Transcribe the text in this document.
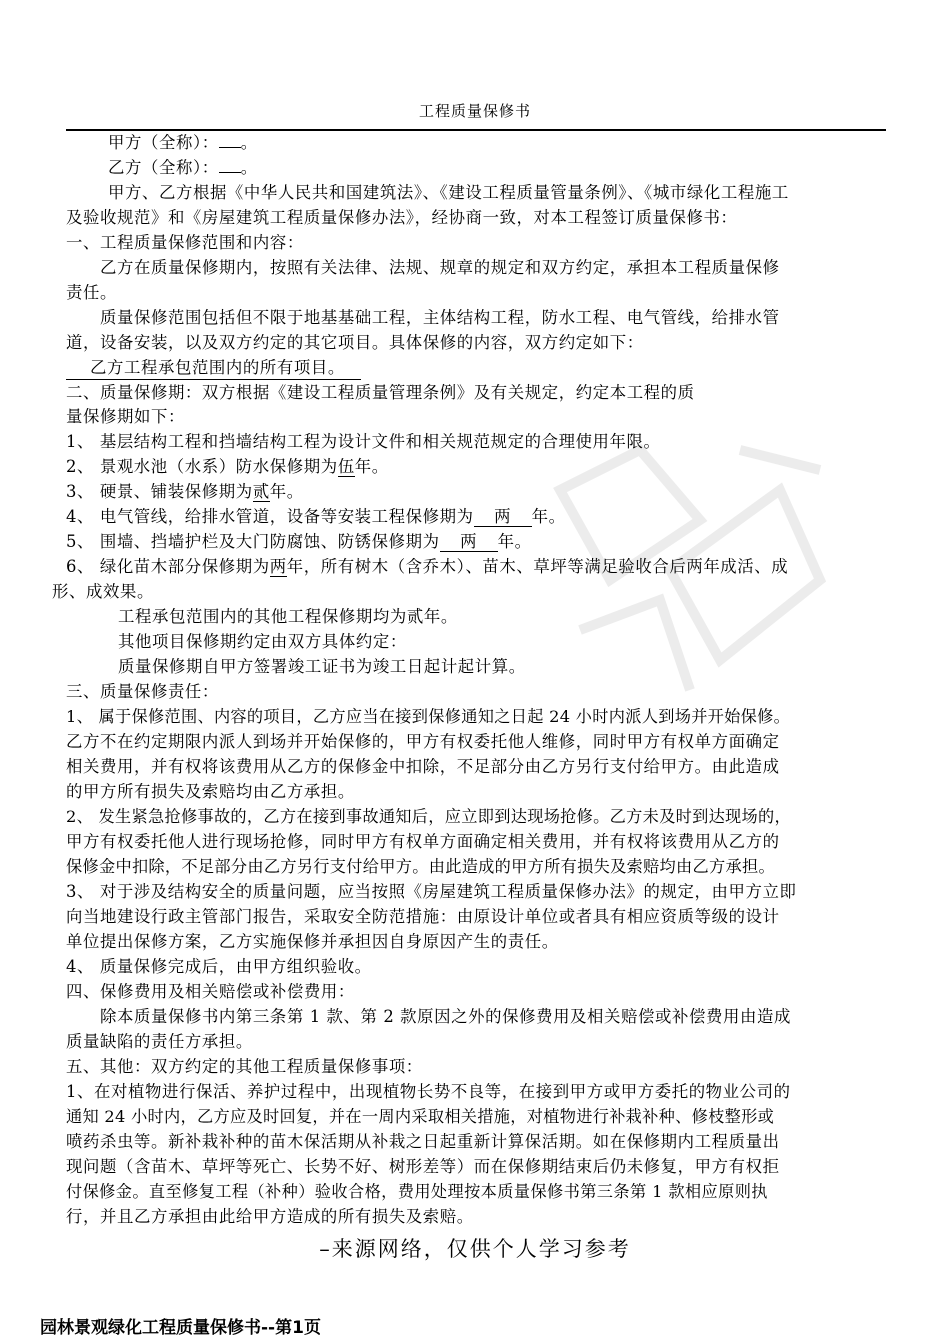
工程质量保修书
甲方（全称）： 。
乙方（全称）： 。
甲方、乙方根据《中华人民共和国建筑法》、《建设工程质量管量条例》、《城市绿化工程施工
及验收规范》和《房屋建筑工程质量保修办法》，经协商一致，对本工程签订质量保修书：
一、工程质量保修范围和内容：
乙方在质量保修期内，按照有关法律、法规、规章的规定和双方约定，承担本工程质量保修
责任。
质量保修范围包括但不限于地基基础工程，主体结构工程，防水工程、电气管线，给排水管
道，设备安装，以及双方约定的其它项目。具体保修的内容，双方约定如下：
乙方工程承包范围内的所有项目。
二、质量保修期：双方根据《建设工程质量管理条例》及有关规定，约定本工程的质
量保修期如下：
1、 基层结构工程和挡墙结构工程为设计文件和相关规范规定的合理使用年限。
2、 景观水池（水系）防水保修期为伍年。
3、 硬景、铺装保修期为贰年。
4、 电气管线，给排水管道，设备等安装工程保修期为 两 年。
5、 围墙、挡墙护栏及大门防腐蚀、防锈保修期为 两 年。
6、 绿化苗木部分保修期为两年，所有树木（含乔木）、苗木、草坪等满足验收合后两年成活、成
形、成效果。
工程承包范围内的其他工程保修期均为贰年。
其他项目保修期约定由双方具体约定：
质量保修期自甲方签署竣工证书为竣工日起计起计算。
三、质量保修责任：
1、 属于保修范围、内容的项目，乙方应当在接到保修通知之日起 24 小时内派人到场并开始保修。
乙方不在约定期限内派人到场并开始保修的，甲方有权委托他人维修，同时甲方有权单方面确定
相关费用，并有权将该费用从乙方的保修金中扣除，不足部分由乙方另行支付给甲方。由此造成
的甲方所有损失及索赔均由乙方承担。
2、 发生紧急抢修事故的，乙方在接到事故通知后，应立即到达现场抢修。乙方未及时到达现场的，
甲方有权委托他人进行现场抢修，同时甲方有权单方面确定相关费用，并有权将该费用从乙方的
保修金中扣除，不足部分由乙方另行支付给甲方。由此造成的甲方所有损失及索赔均由乙方承担。
3、 对于涉及结构安全的质量问题，应当按照《房屋建筑工程质量保修办法》的规定，由甲方立即
向当地建设行政主管部门报告，采取安全防范措施：由原设计单位或者具有相应资质等级的设计
单位提出保修方案，乙方实施保修并承担因自身原因产生的责任。
4、 质量保修完成后，由甲方组织验收。
四、保修费用及相关赔偿或补偿费用：
除本质量保修书内第三条第 1 款、第 2 款原因之外的保修费用及相关赔偿或补偿费用由造成
质量缺陷的责任方承担。
五、其他：双方约定的其他工程质量保修事项：
1、在对植物进行保活、养护过程中，出现植物长势不良等，在接到甲方或甲方委托的物业公司的
通知 24 小时内，乙方应及时回复，并在一周内采取相关措施，对植物进行补栽补种、修枝整形或
喷药杀虫等。新补栽补种的苗木保活期从补栽之日起重新计算保活期。如在保修期内工程质量出
现问题（含苗木、草坪等死亡、长势不好、树形差等）而在保修期结束后仍未修复，甲方有权拒
付保修金。直至修复工程（补种）验收合格，费用处理按本质量保修书第三条第 1 款相应原则执
行，并且乙方承担由此给甲方造成的所有损失及索赔。
–来源网络，仅供个人学习参考
园林景观绿化工程质量保修书--第1页
